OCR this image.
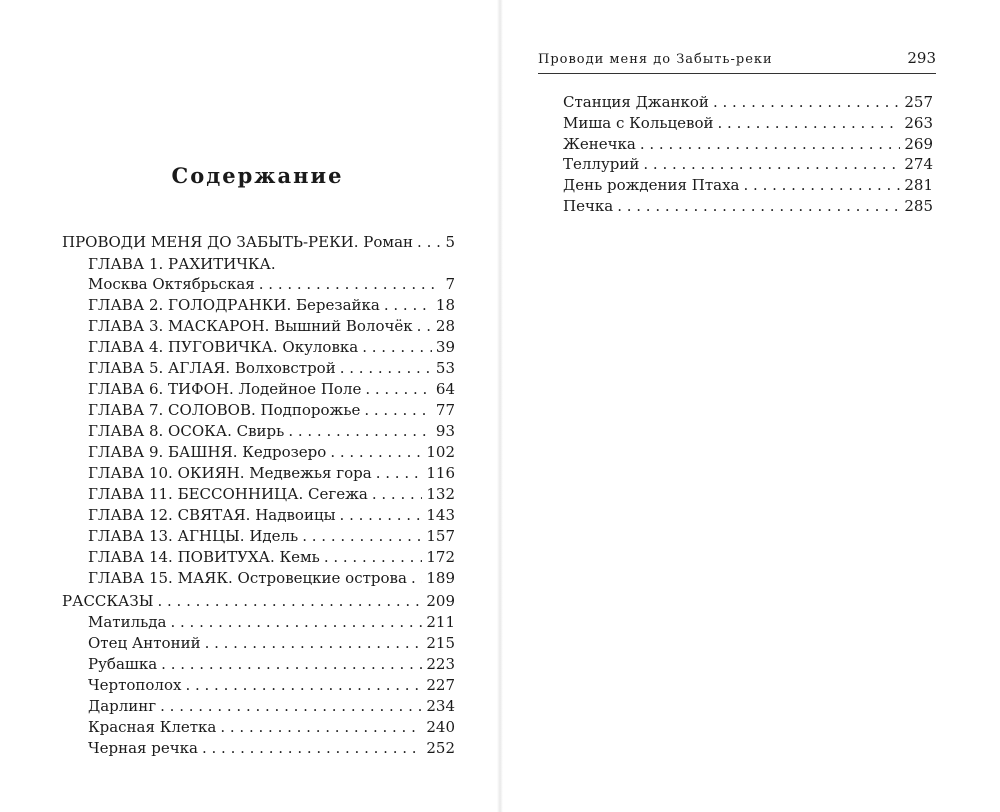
Содержание
ПРОВОДИ МЕНЯ ДО ЗАБЫТЬ-РЕКИ. Роман . . . 5
ГЛАВА 1. РАХИТИЧКА.
Москва Октябрьская . . .	7
ГЛАВА 2. ГОЛОДРАНКИ. Березайка . . .	18
ГЛАВА 3. МАСКАРОН. Вышний Волочёк . . . 28
ГЛАВА 4. ПУГОВИЧКА. Окуловка . . .	39
ГЛАВА 5. АГЛАЯ. Волховстрой . . .	53
ГЛАВА 6. ТИФОН. Лодейное Поле . . .	64
ГЛАВА 7. СОЛОВОВ. Подпорожье . . .	77
ГЛАВА 8. ОСОКА. Свирь . . .	93
ГЛАВА 9. БАШНЯ. Кедрозеро . . .	102
ГЛАВА 10. ОКИЯН. Медвежья гора . . .	116
ГЛАВА 11. БЕССОННИЦА. Сегежа . . .	132
ГЛАВА 12. СВЯТАЯ. Надвоицы . . .	143
ГЛАВА 13. АГНЦЫ. Идель . . .	157
ГЛАВА 14. ПОВИТУХА. Кемь . . .	172
ГЛАВА 15. МАЯК. Островецкие острова . . . 189
РАССКАЗЫ . . .	209
Матильда . . .	211
Отец Антоний . . .	215
Рубашка . . .	223
Чертополох . . .	227
Дарлинг . . .	234
Красная Клетка . . .	240
Черная речка . . .	252
Станция Джанкой . . .	257
Миша с Кольцевой . . .	263
Женечка . . .	269
Теллурий . . .	274
День рождения Птаха . . .	281
Печка . . .	285
Проводи меня до Забыть-реки	293
